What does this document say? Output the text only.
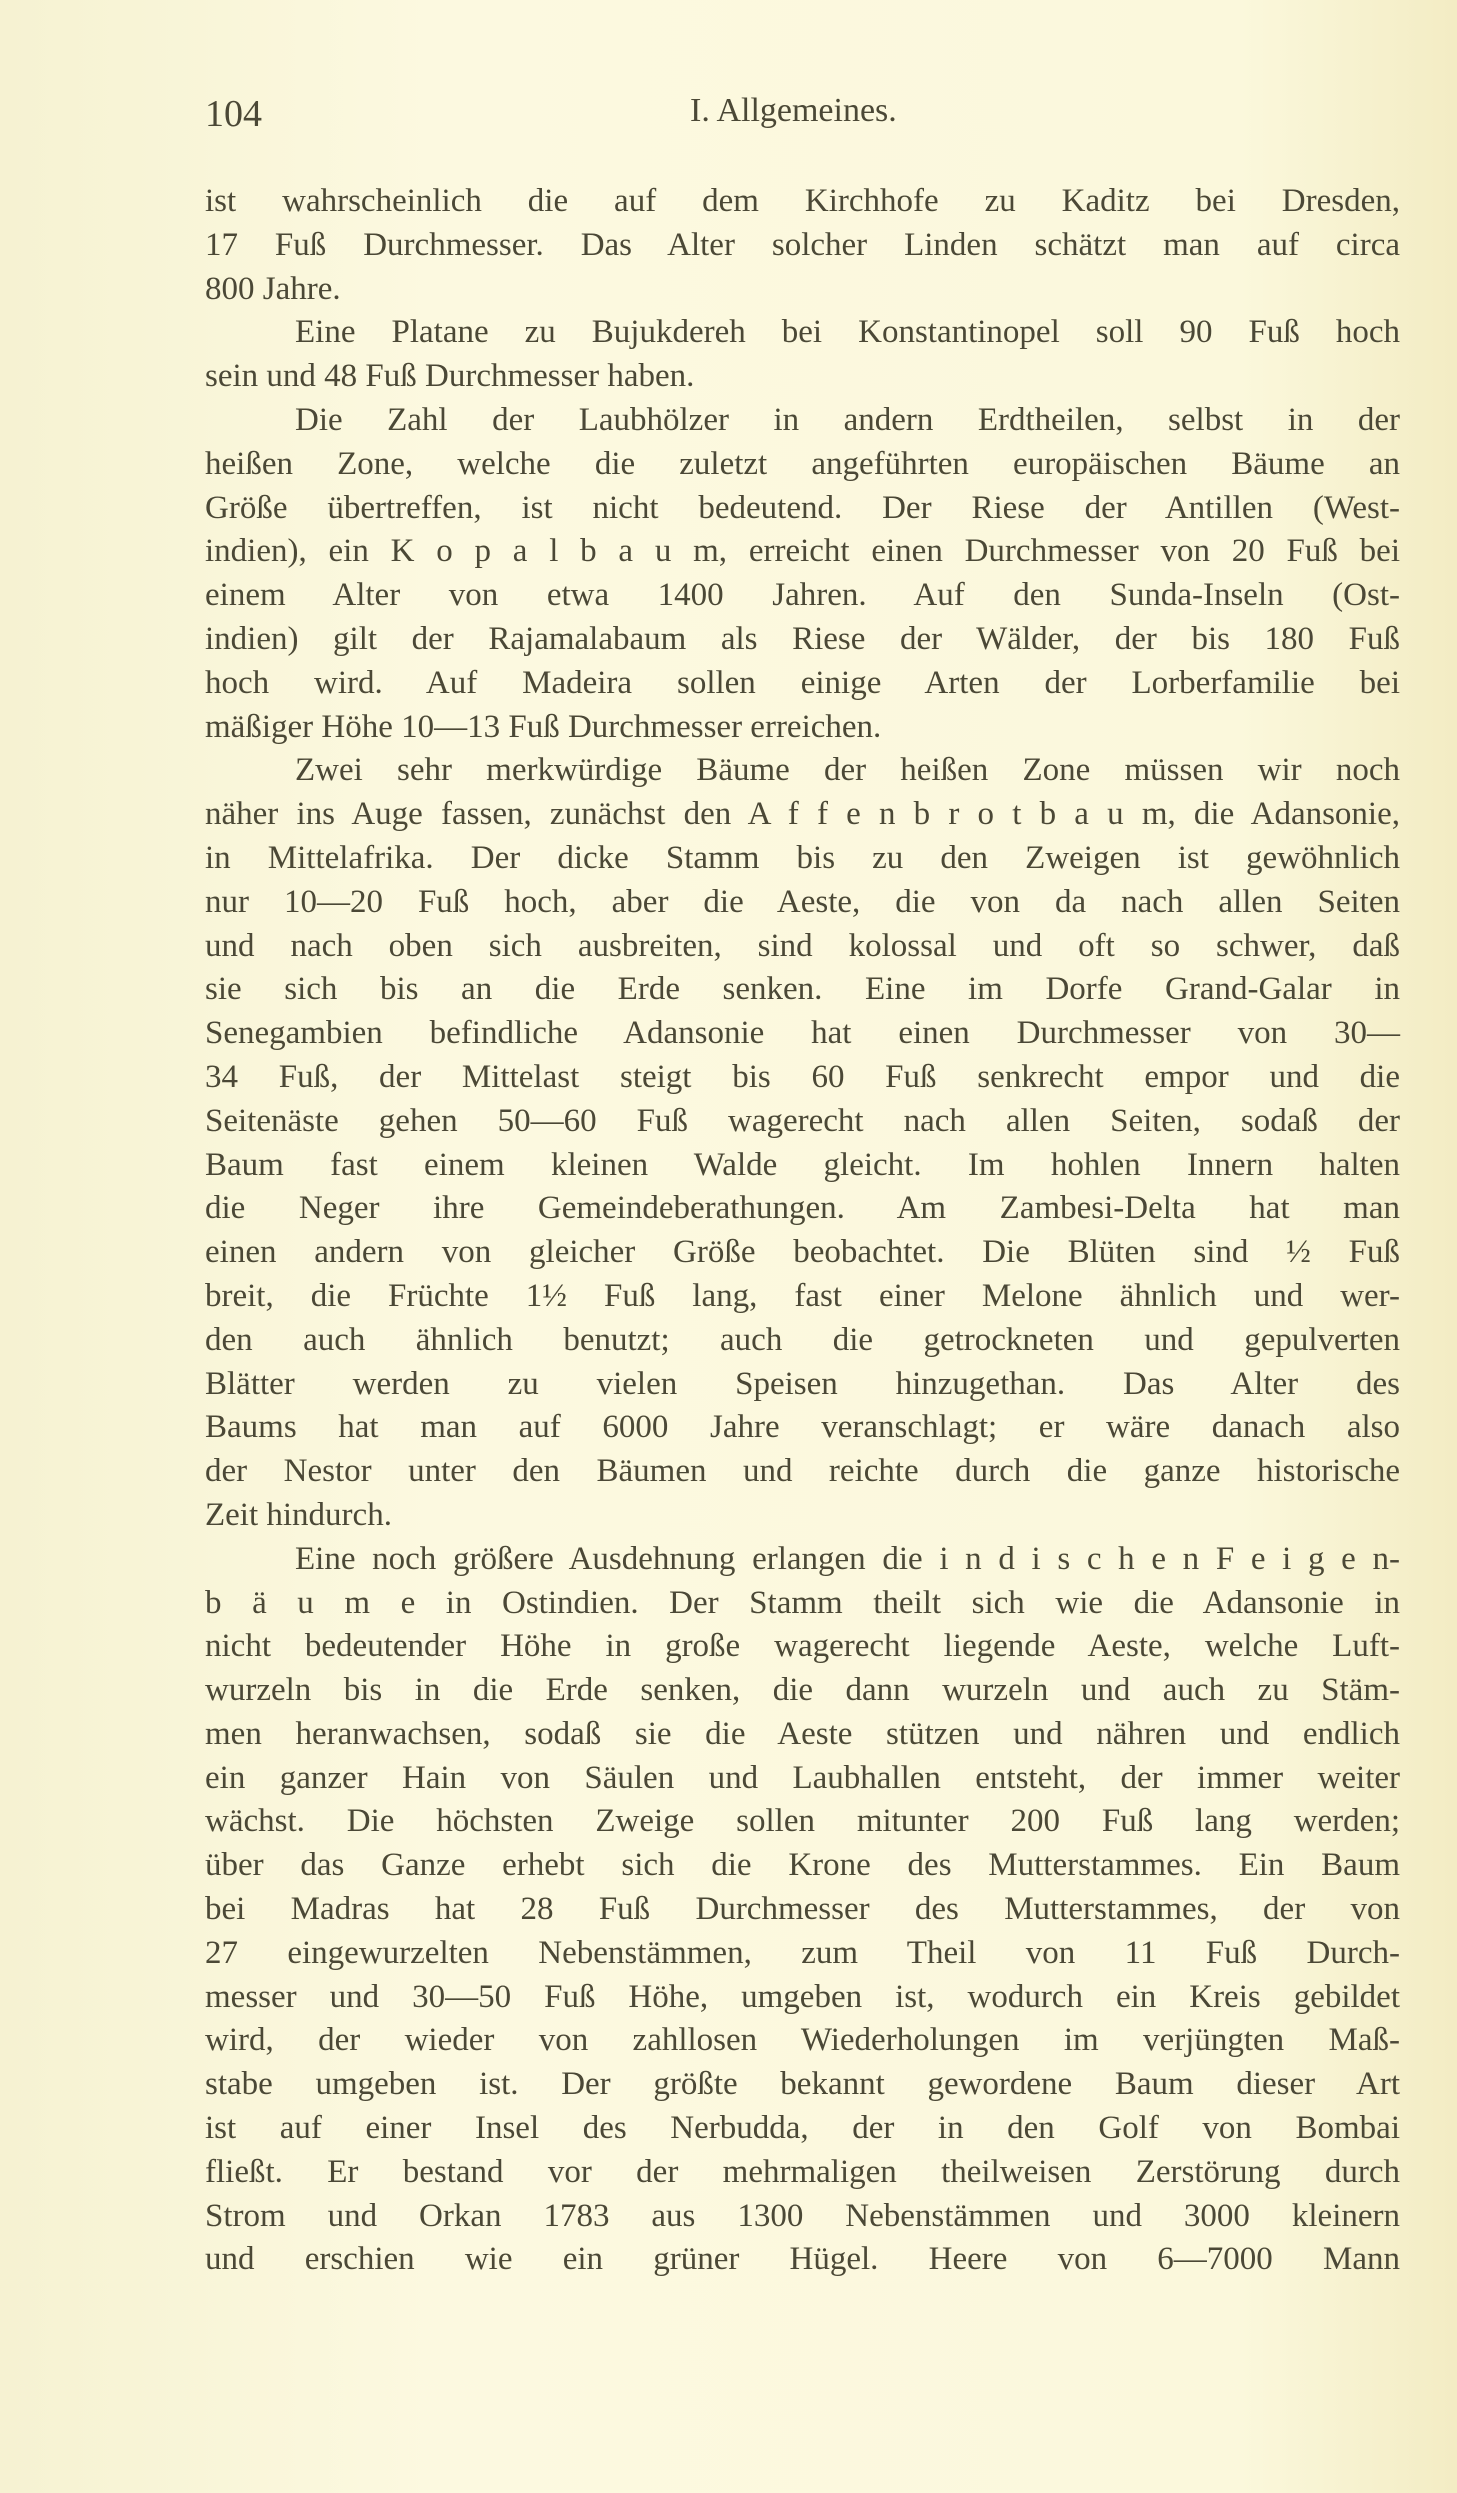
104	I. Allgemeines.
ist wahrscheinlich die auf dem Kirchhofe zu Kaditz bei Dresden,
17 Fuß Durchmesser. Das Alter solcher Linden schätzt man auf circa
800 Jahre.
Eine Platane zu Bujukdereh bei Konstantinopel soll 90 Fuß hoch
sein und 48 Fuß Durchmesser haben.
Die Zahl der Laubhölzer in andern Erdtheilen, selbst in der
heißen Zone, welche die zuletzt angeführten europäischen Bäume an
Größe übertreffen, ist nicht bedeutend. Der Riese der Antillen (West-
indien), ein K o p a l b a u m, erreicht einen Durchmesser von 20 Fuß bei
einem Alter von etwa 1400 Jahren. Auf den Sunda-Inseln (Ost-
indien) gilt der Rajamalabaum als Riese der Wälder, der bis 180 Fuß
hoch wird. Auf Madeira sollen einige Arten der Lorberfamilie bei
mäßiger Höhe 10—13 Fuß Durchmesser erreichen.
Zwei sehr merkwürdige Bäume der heißen Zone müssen wir noch
näher ins Auge fassen, zunächst den A f f e n b r o t b a u m, die Adansonie,
in Mittelafrika. Der dicke Stamm bis zu den Zweigen ist gewöhnlich
nur 10—20 Fuß hoch, aber die Aeste, die von da nach allen Seiten
und nach oben sich ausbreiten, sind kolossal und oft so schwer, daß
sie sich bis an die Erde senken. Eine im Dorfe Grand-Galar in
Senegambien befindliche Adansonie hat einen Durchmesser von 30—
34 Fuß, der Mittelast steigt bis 60 Fuß senkrecht empor und die
Seitenäste gehen 50—60 Fuß wagerecht nach allen Seiten, sodaß der
Baum fast einem kleinen Walde gleicht. Im hohlen Innern halten
die Neger ihre Gemeindeberathungen. Am Zambesi-Delta hat man
einen andern von gleicher Größe beobachtet. Die Blüten sind ½ Fuß
breit, die Früchte 1½ Fuß lang, fast einer Melone ähnlich und wer-
den auch ähnlich benutzt; auch die getrockneten und gepulverten
Blätter werden zu vielen Speisen hinzugethan. Das Alter des
Baums hat man auf 6000 Jahre veranschlagt; er wäre danach also
der Nestor unter den Bäumen und reichte durch die ganze historische
Zeit hindurch.
Eine noch größere Ausdehnung erlangen die i n d i s c h e n F e i g e n-
b ä u m e in Ostindien. Der Stamm theilt sich wie die Adansonie in
nicht bedeutender Höhe in große wagerecht liegende Aeste, welche Luft-
wurzeln bis in die Erde senken, die dann wurzeln und auch zu Stäm-
men heranwachsen, sodaß sie die Aeste stützen und nähren und endlich
ein ganzer Hain von Säulen und Laubhallen entsteht, der immer weiter
wächst. Die höchsten Zweige sollen mitunter 200 Fuß lang werden;
über das Ganze erhebt sich die Krone des Mutterstammes. Ein Baum
bei Madras hat 28 Fuß Durchmesser des Mutterstammes, der von
27 eingewurzelten Nebenstämmen, zum Theil von 11 Fuß Durch-
messer und 30—50 Fuß Höhe, umgeben ist, wodurch ein Kreis gebildet
wird, der wieder von zahllosen Wiederholungen im verjüngten Maß-
stabe umgeben ist. Der größte bekannt gewordene Baum dieser Art
ist auf einer Insel des Nerbudda, der in den Golf von Bombai
fließt. Er bestand vor der mehrmaligen theilweisen Zerstörung durch
Strom und Orkan 1783 aus 1300 Nebenstämmen und 3000 kleinern
und erschien wie ein grüner Hügel. Heere von 6—7000 Mann
